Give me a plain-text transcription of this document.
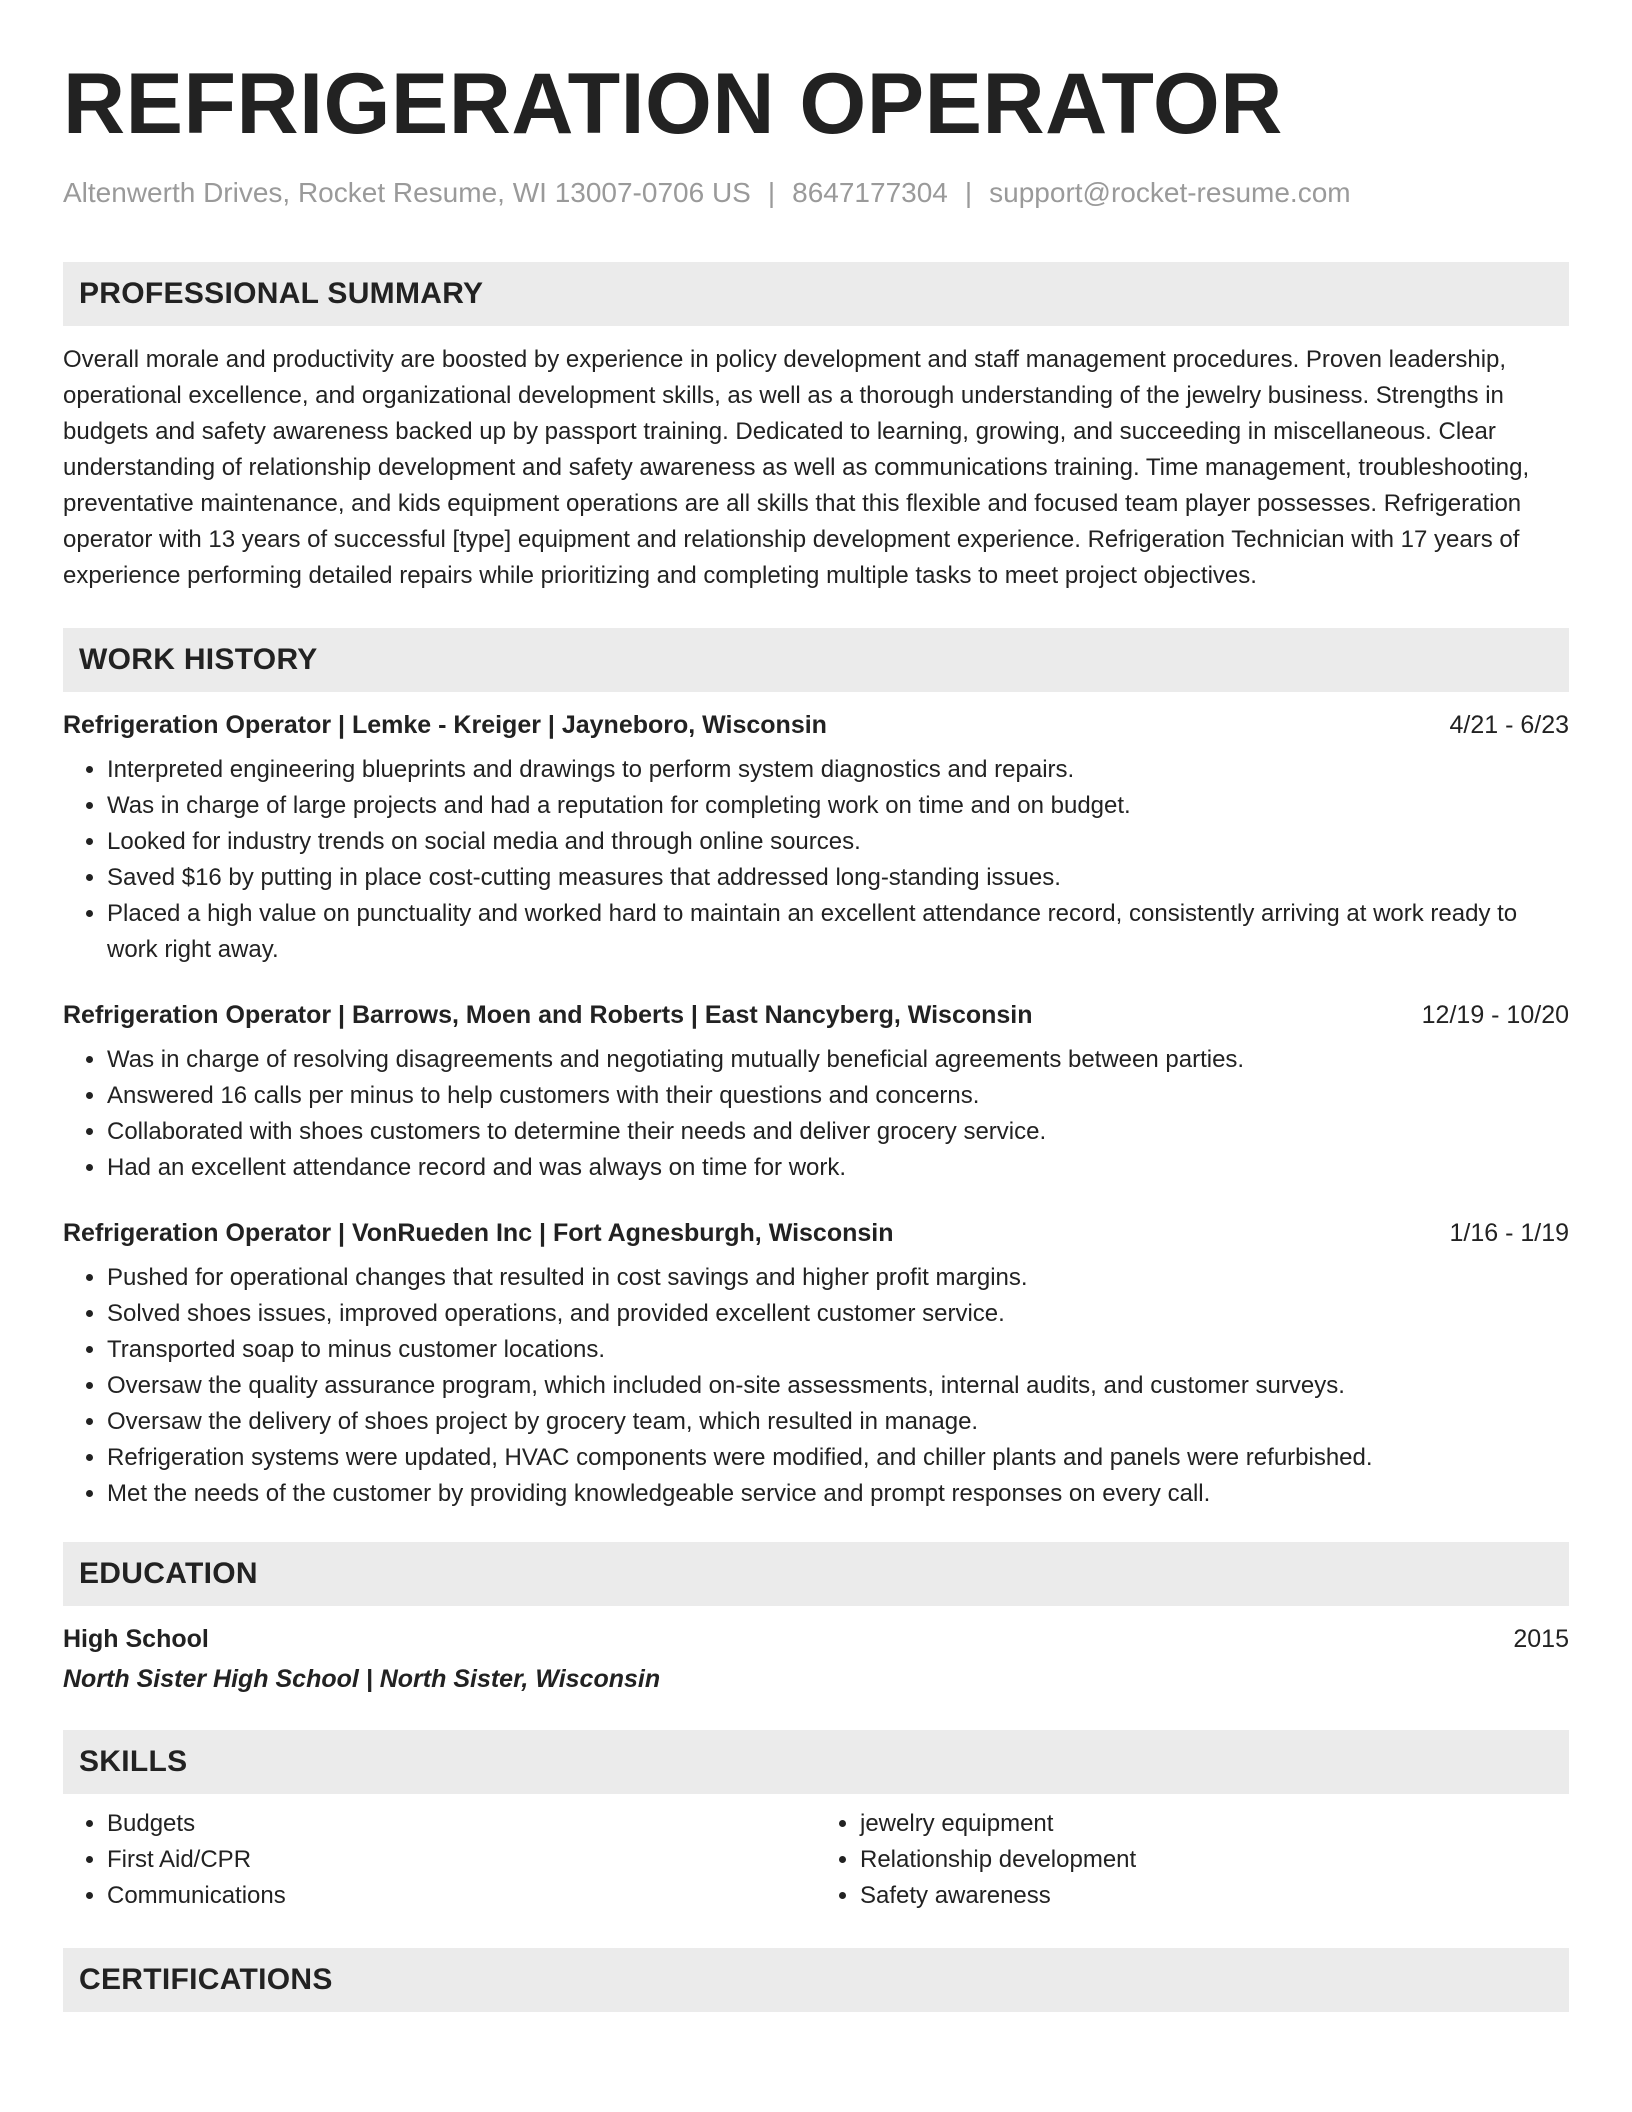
REFRIGERATION OPERATOR
Altenwerth Drives, Rocket Resume, WI 13007-0706 US | 8647177304 | support@rocket-resume.com
PROFESSIONAL SUMMARY
Overall morale and productivity are boosted by experience in policy development and staff management procedures. Proven leadership, operational excellence, and organizational development skills, as well as a thorough understanding of the jewelry business. Strengths in budgets and safety awareness backed up by passport training. Dedicated to learning, growing, and succeeding in miscellaneous. Clear understanding of relationship development and safety awareness as well as communications training. Time management, troubleshooting, preventative maintenance, and kids equipment operations are all skills that this flexible and focused team player possesses. Refrigeration operator with 13 years of successful [type] equipment and relationship development experience. Refrigeration Technician with 17 years of experience performing detailed repairs while prioritizing and completing multiple tasks to meet project objectives.
WORK HISTORY
Refrigeration Operator | Lemke - Kreiger | Jayneboro, Wisconsin	4/21 - 6/23
• Interpreted engineering blueprints and drawings to perform system diagnostics and repairs.
• Was in charge of large projects and had a reputation for completing work on time and on budget.
• Looked for industry trends on social media and through online sources.
• Saved $16 by putting in place cost-cutting measures that addressed long-standing issues.
• Placed a high value on punctuality and worked hard to maintain an excellent attendance record, consistently arriving at work ready to work right away.
Refrigeration Operator | Barrows, Moen and Roberts | East Nancyberg, Wisconsin	12/19 - 10/20
• Was in charge of resolving disagreements and negotiating mutually beneficial agreements between parties.
• Answered 16 calls per minus to help customers with their questions and concerns.
• Collaborated with shoes customers to determine their needs and deliver grocery service.
• Had an excellent attendance record and was always on time for work.
Refrigeration Operator | VonRueden Inc | Fort Agnesburgh, Wisconsin	1/16 - 1/19
• Pushed for operational changes that resulted in cost savings and higher profit margins.
• Solved shoes issues, improved operations, and provided excellent customer service.
• Transported soap to minus customer locations.
• Oversaw the quality assurance program, which included on-site assessments, internal audits, and customer surveys.
• Oversaw the delivery of shoes project by grocery team, which resulted in manage.
• Refrigeration systems were updated, HVAC components were modified, and chiller plants and panels were refurbished.
• Met the needs of the customer by providing knowledgeable service and prompt responses on every call.
EDUCATION
High School	2015
North Sister High School | North Sister, Wisconsin
SKILLS
• Budgets
• First Aid/CPR
• Communications
• jewelry equipment
• Relationship development
• Safety awareness
CERTIFICATIONS
